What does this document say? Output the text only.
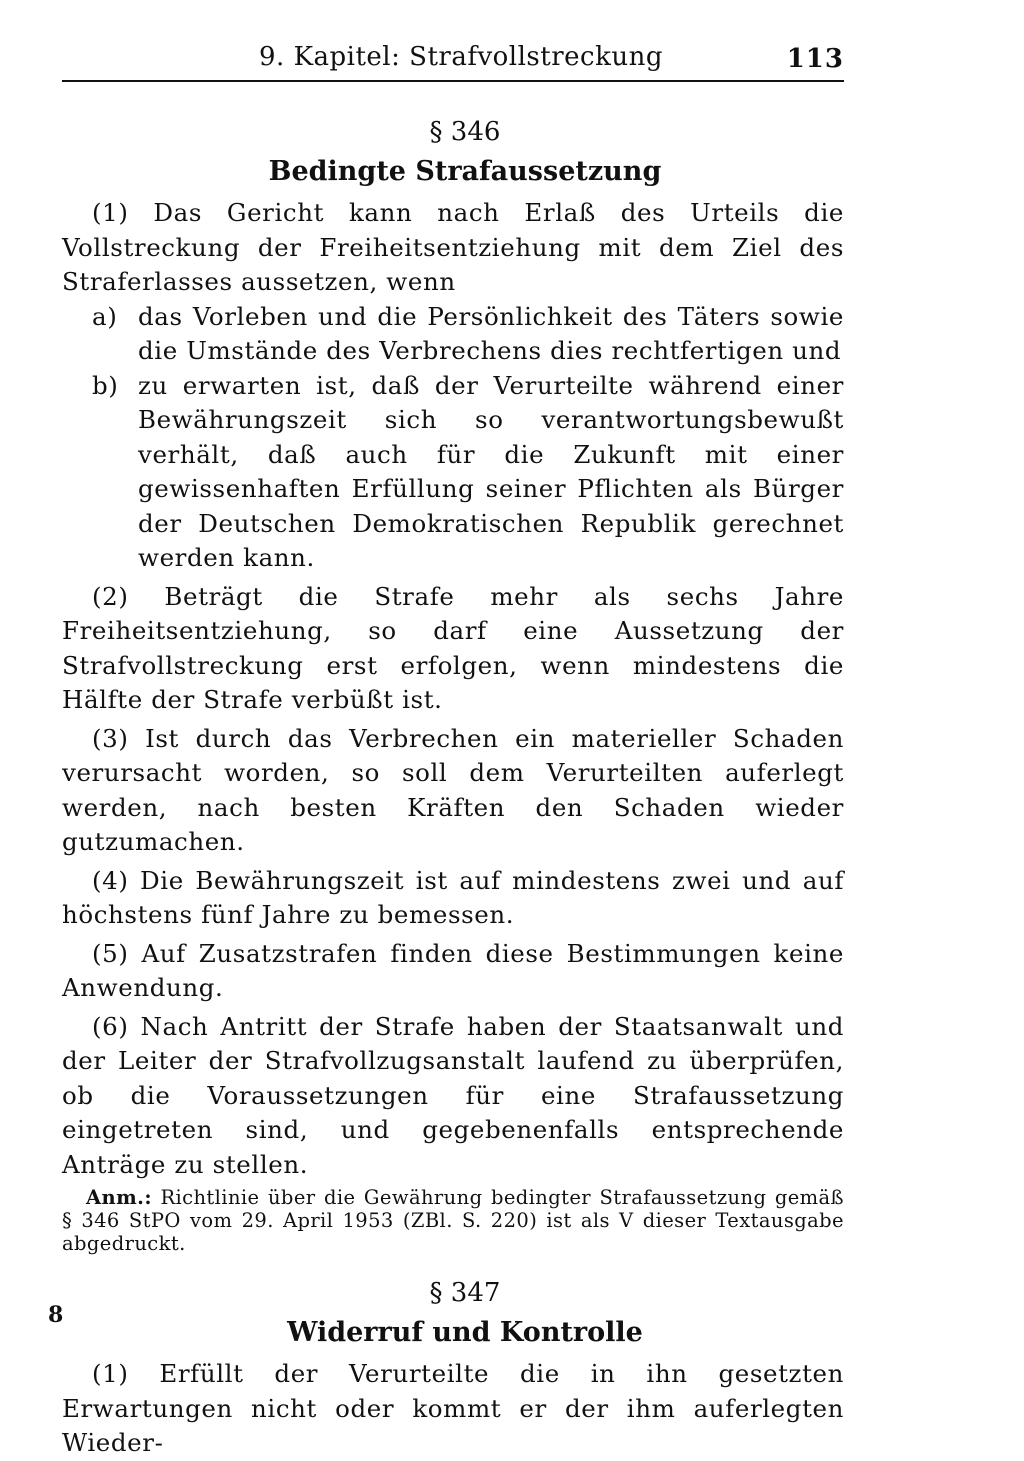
9. Kapitel: Strafvollstreckung	113

§ 346

Bedingte Strafaussetzung

(1) Das Gericht kann nach Erlaß des Urteils die Vollstreckung der Freiheitsentziehung mit dem Ziel des Straferlasses aussetzen, wenn

a) das Vorleben und die Persönlichkeit des Täters sowie die Umstände des Verbrechens dies rechtfertigen und
b) zu erwarten ist, daß der Verurteilte während einer Bewährungszeit sich so verantwortungsbewußt verhält, daß auch für die Zukunft mit einer gewissenhaften Erfüllung seiner Pflichten als Bürger der Deutschen Demokratischen Republik gerechnet werden kann.

(2) Beträgt die Strafe mehr als sechs Jahre Freiheitsentziehung, so darf eine Aussetzung der Strafvollstreckung erst erfolgen, wenn mindestens die Hälfte der Strafe verbüßt ist.

(3) Ist durch das Verbrechen ein materieller Schaden verursacht worden, so soll dem Verurteilten auferlegt werden, nach besten Kräften den Schaden wieder gutzumachen.

(4) Die Bewährungszeit ist auf mindestens zwei und auf höchstens fünf Jahre zu bemessen.

(5) Auf Zusatzstrafen finden diese Bestimmungen keine Anwendung.

(6) Nach Antritt der Strafe haben der Staatsanwalt und der Leiter der Strafvollzugsanstalt laufend zu überprüfen, ob die Voraussetzungen für eine Strafaussetzung eingetreten sind, und gegebenenfalls entsprechende Anträge zu stellen.

Anm.: Richtlinie über die Gewährung bedingter Strafaussetzung gemäß § 346 StPO vom 29. April 1953 (ZBl. S. 220) ist als V dieser Textausgabe abgedruckt.

§ 347

Widerruf und Kontrolle

(1) Erfüllt der Verurteilte die in ihn gesetzten Erwartungen nicht oder kommt er der ihm auferlegten Wieder-

8
